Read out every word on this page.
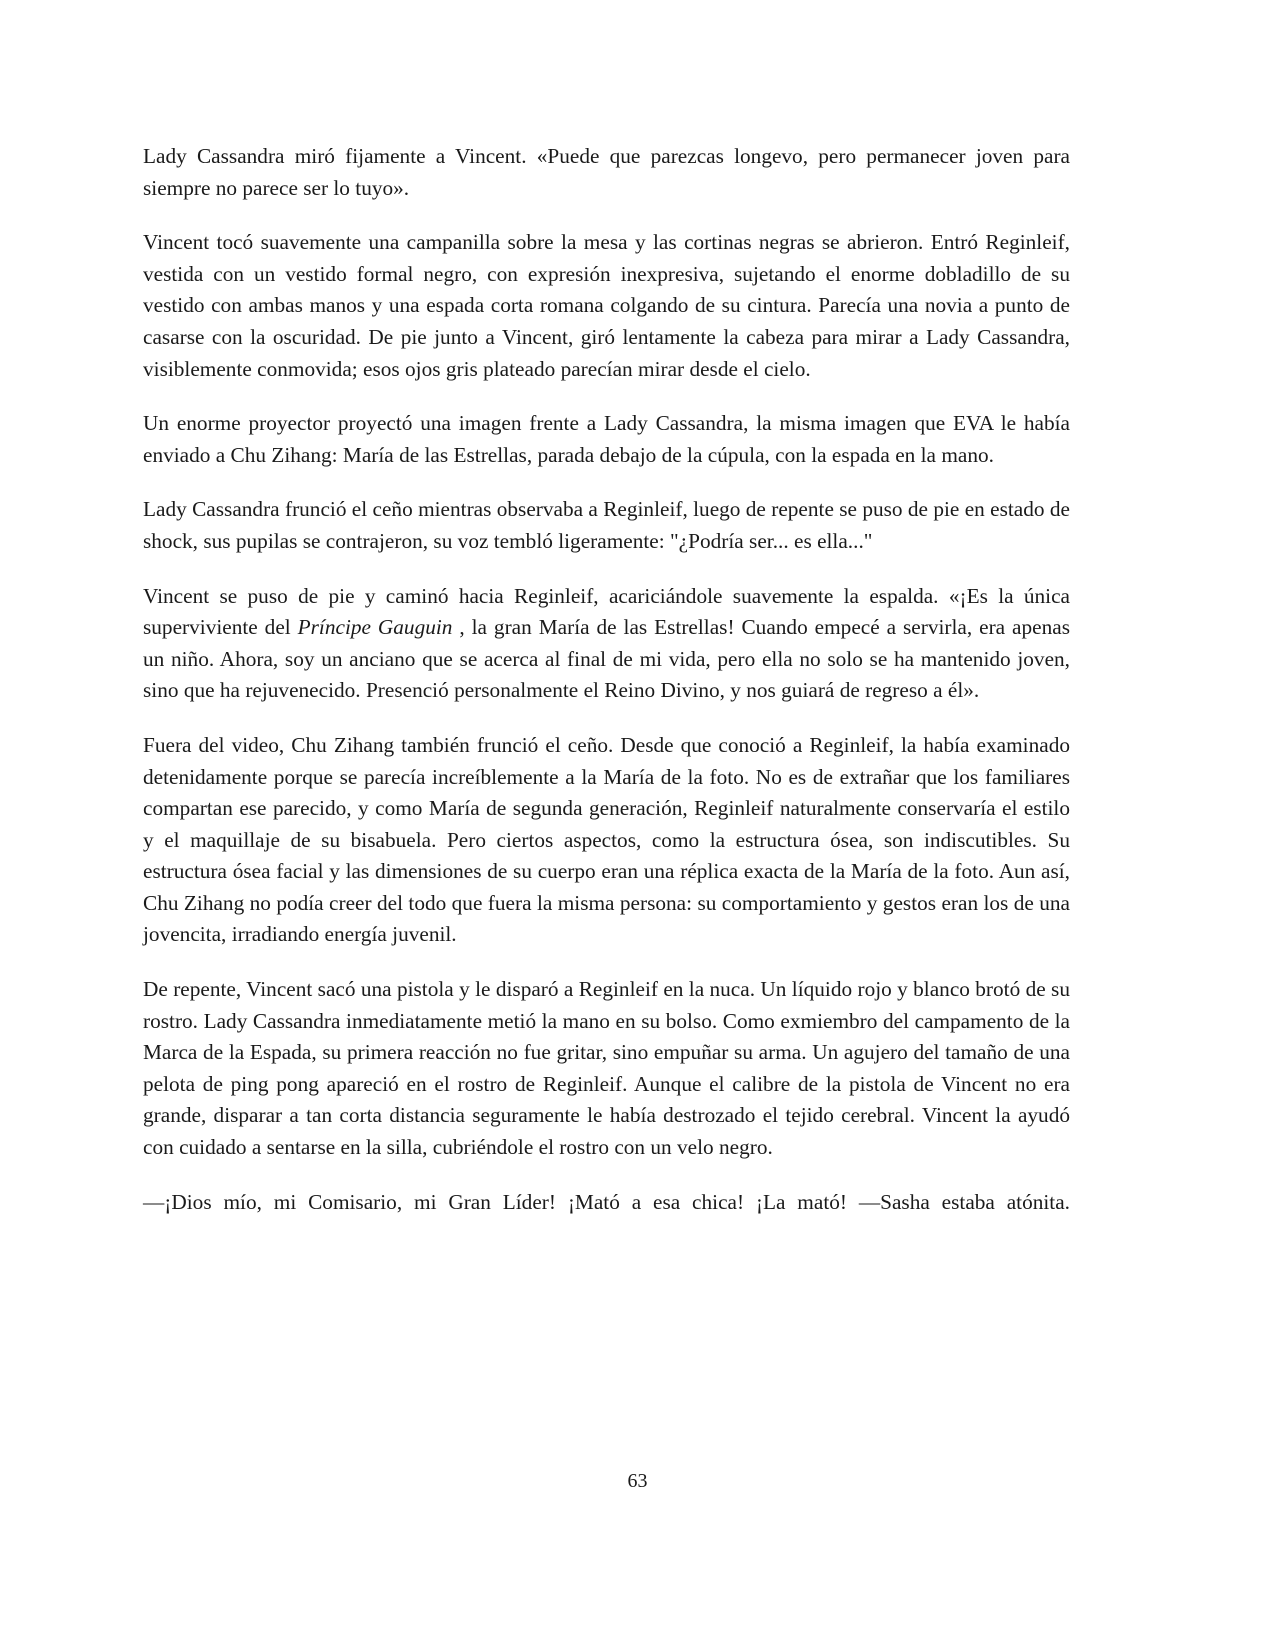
Lady Cassandra miró fijamente a Vincent. «Puede que parezcas longevo, pero permanecer joven para siempre no parece ser lo tuyo».

Vincent tocó suavemente una campanilla sobre la mesa y las cortinas negras se abrieron. Entró Reginleif, vestida con un vestido formal negro, con expresión inexpresiva, sujetando el enorme dobladillo de su vestido con ambas manos y una espada corta romana colgando de su cintura. Parecía una novia a punto de casarse con la oscuridad. De pie junto a Vincent, giró lentamente la cabeza para mirar a Lady Cassandra, visiblemente conmovida; esos ojos gris plateado parecían mirar desde el cielo.

Un enorme proyector proyectó una imagen frente a Lady Cassandra, la misma imagen que EVA le había enviado a Chu Zihang: María de las Estrellas, parada debajo de la cúpula, con la espada en la mano.

Lady Cassandra frunció el ceño mientras observaba a Reginleif, luego de repente se puso de pie en estado de shock, sus pupilas se contrajeron, su voz tembló ligeramente: "¿Podría ser... es ella..."

Vincent se puso de pie y caminó hacia Reginleif, acariciándole suavemente la espalda. «¡Es la única superviviente del Príncipe Gauguin , la gran María de las Estrellas! Cuando empecé a servirla, era apenas un niño. Ahora, soy un anciano que se acerca al final de mi vida, pero ella no solo se ha mantenido joven, sino que ha rejuvenecido. Presenció personalmente el Reino Divino, y nos guiará de regreso a él».

Fuera del video, Chu Zihang también frunció el ceño. Desde que conoció a Reginleif, la había examinado detenidamente porque se parecía increíblemente a la María de la foto. No es de extrañar que los familiares compartan ese parecido, y como María de segunda generación, Reginleif naturalmente conservaría el estilo y el maquillaje de su bisabuela. Pero ciertos aspectos, como la estructura ósea, son indiscutibles. Su estructura ósea facial y las dimensiones de su cuerpo eran una réplica exacta de la María de la foto. Aun así, Chu Zihang no podía creer del todo que fuera la misma persona: su comportamiento y gestos eran los de una jovencita, irradiando energía juvenil.

De repente, Vincent sacó una pistola y le disparó a Reginleif en la nuca. Un líquido rojo y blanco brotó de su rostro. Lady Cassandra inmediatamente metió la mano en su bolso. Como exmiembro del campamento de la Marca de la Espada, su primera reacción no fue gritar, sino empuñar su arma. Un agujero del tamaño de una pelota de ping pong apareció en el rostro de Reginleif. Aunque el calibre de la pistola de Vincent no era grande, disparar a tan corta distancia seguramente le había destrozado el tejido cerebral. Vincent la ayudó con cuidado a sentarse en la silla, cubriéndole el rostro con un velo negro.

—¡Dios mío, mi Comisario, mi Gran Líder! ¡Mató a esa chica! ¡La mató! —Sasha estaba atónita.

63
